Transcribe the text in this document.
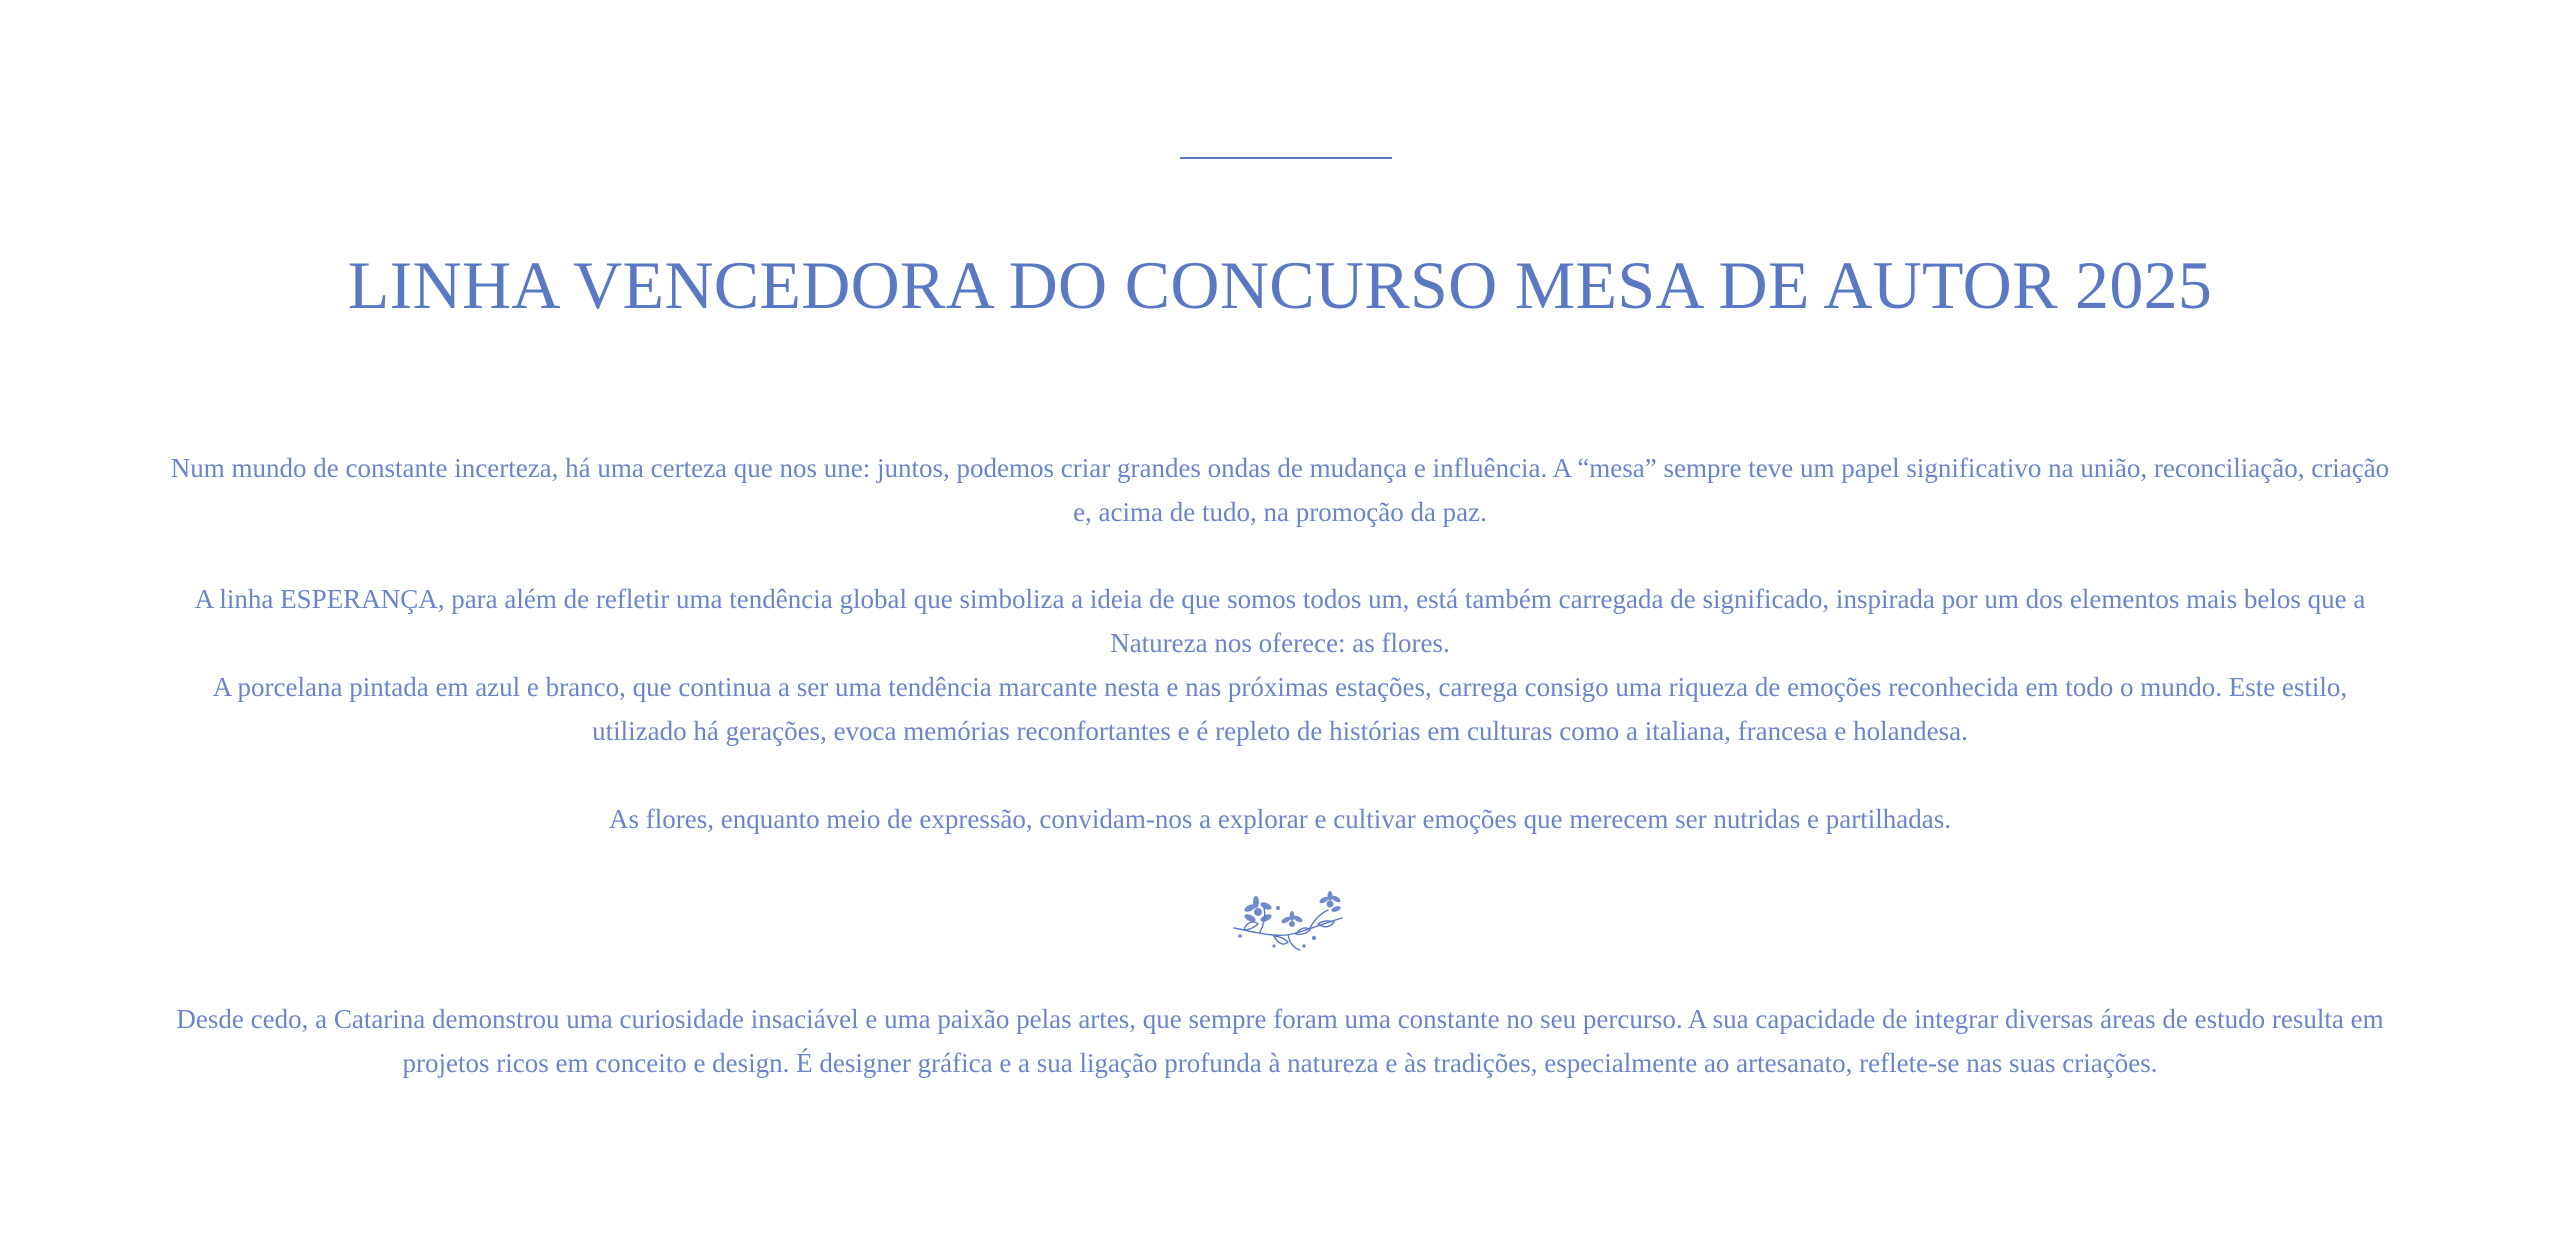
LINHA VENCEDORA DO CONCURSO MESA DE AUTOR 2025

Num mundo de constante incerteza, há uma certeza que nos une: juntos, podemos criar grandes ondas de mudança e influência. A “mesa” sempre teve um papel significativo na união, reconciliação, criação e, acima de tudo, na promoção da paz.

A linha ESPERANÇA, para além de refletir uma tendência global que simboliza a ideia de que somos todos um, está também carregada de significado, inspirada por um dos elementos mais belos que a Natureza nos oferece: as flores.

A porcelana pintada em azul e branco, que continua a ser uma tendência marcante nesta e nas próximas estações, carrega consigo uma riqueza de emoções reconhecida em todo o mundo. Este estilo, utilizado há gerações, evoca memórias reconfortantes e é repleto de histórias em culturas como a italiana, francesa e holandesa.

As flores, enquanto meio de expressão, convidam-nos a explorar e cultivar emoções que merecem ser nutridas e partilhadas.

Desde cedo, a Catarina demonstrou uma curiosidade insaciável e uma paixão pelas artes, que sempre foram uma constante no seu percurso. A sua capacidade de integrar diversas áreas de estudo resulta em projetos ricos em conceito e design. É designer gráfica e a sua ligação profunda à natureza e às tradições, especialmente ao artesanato, reflete-se nas suas criações.
